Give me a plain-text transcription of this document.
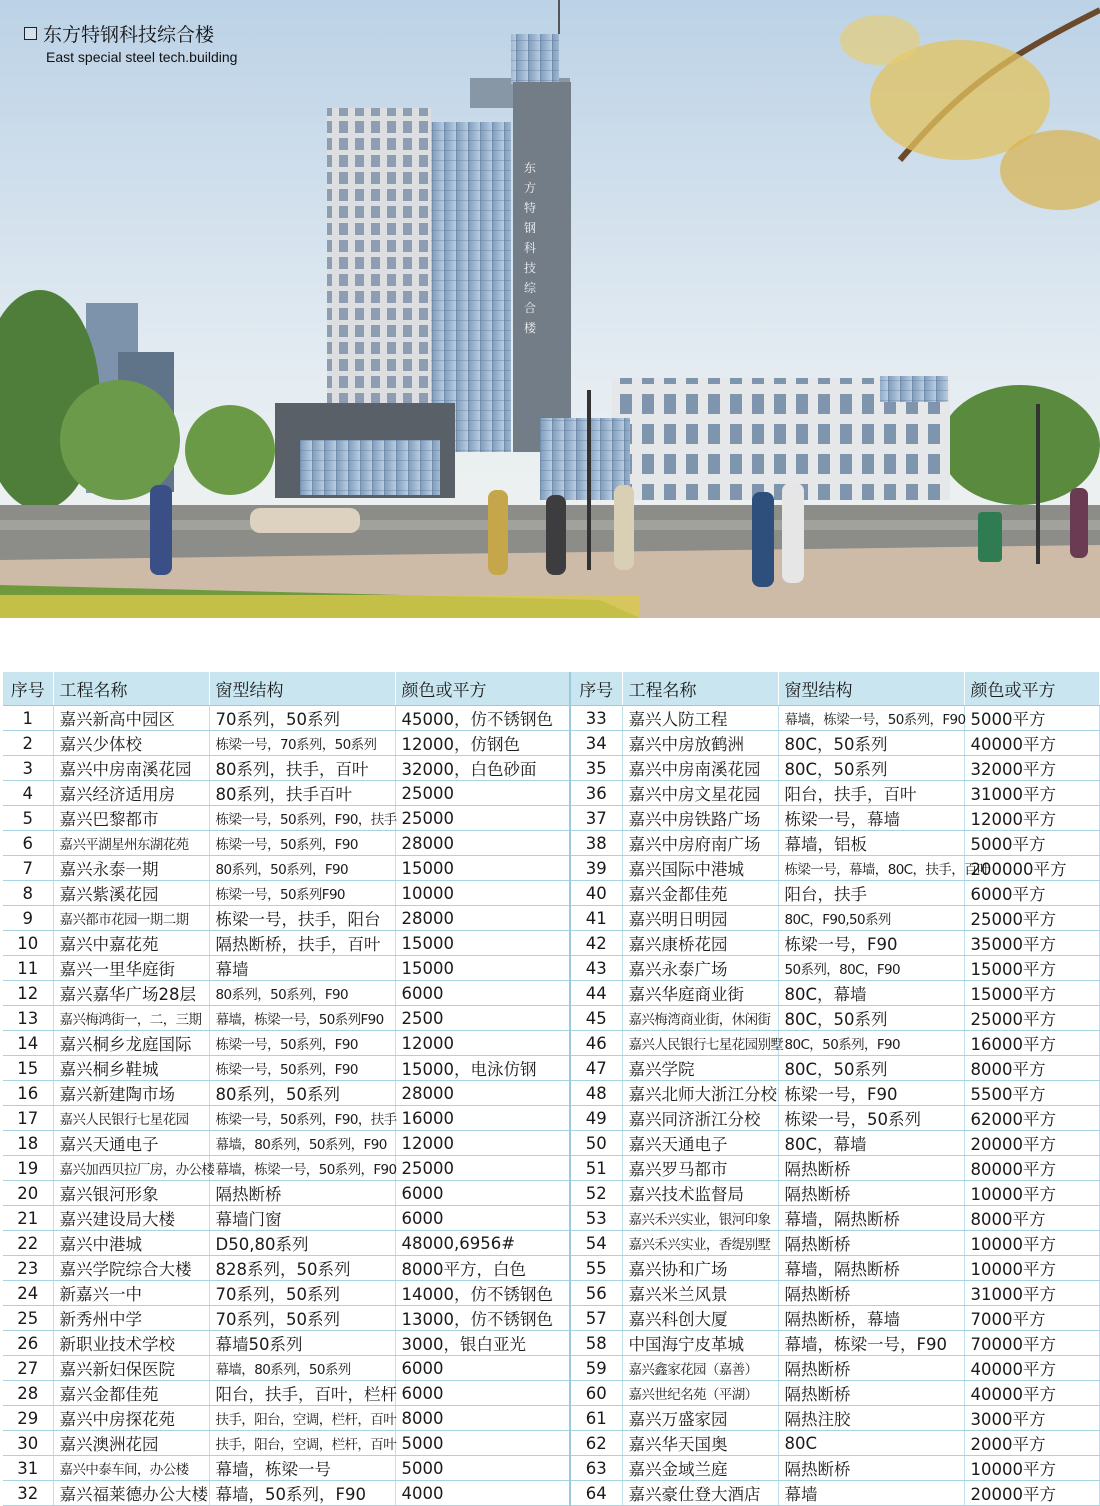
东方特钢科技综合楼
East special steel tech.building
东方特钢科技综合楼
序号	工程名称	窗型结构	颜色或平方	序号	工程名称	窗型结构	颜色或平方
1	嘉兴新高中园区	70系列，50系列	45000，仿不锈钢色	33	嘉兴人防工程	幕墙，栋梁一号，50系列，F90	5000平方
2	嘉兴少体校	栋梁一号，70系列，50系列	12000，仿钢色	34	嘉兴中房放鹤洲	80C，50系列	40000平方
3	嘉兴中房南溪花园	80系列，扶手，百叶	32000，白色砂面	35	嘉兴中房南溪花园	80C，50系列	32000平方
4	嘉兴经济适用房	80系列，扶手百叶	25000	36	嘉兴中房文星花园	阳台，扶手，百叶	31000平方
5	嘉兴巴黎都市	栋梁一号，50系列，F90，扶手	25000	37	嘉兴中房铁路广场	栋梁一号，幕墙	12000平方
6	嘉兴平湖星州东湖花苑	栋梁一号，50系列，F90	28000	38	嘉兴中房府南广场	幕墙，铝板	5000平方
7	嘉兴永泰一期	80系列，50系列，F90	15000	39	嘉兴国际中港城	栋梁一号，幕墙，80C，扶手，百叶	200000平方
8	嘉兴紫溪花园	栋梁一号，50系列F90	10000	40	嘉兴金都佳苑	阳台，扶手	6000平方
9	嘉兴都市花园一期二期	栋梁一号，扶手，阳台	28000	41	嘉兴明日明园	80C，F90,50系列	25000平方
10	嘉兴中嘉花苑	隔热断桥，扶手，百叶	15000	42	嘉兴康桥花园	栋梁一号，F90	35000平方
11	嘉兴一里华庭街	幕墙	15000	43	嘉兴永泰广场	50系列，80C，F90	15000平方
12	嘉兴嘉华广场28层	80系列，50系列，F90	6000	44	嘉兴华庭商业街	80C，幕墙	15000平方
13	嘉兴梅鸿街一，二，三期	幕墙，栋梁一号，50系列F90	2500	45	嘉兴梅湾商业街，休闲街	80C，50系列	25000平方
14	嘉兴桐乡龙庭国际	栋梁一号，50系列，F90	12000	46	嘉兴人民银行七星花园别墅	80C，50系列，F90	16000平方
15	嘉兴桐乡鞋城	栋梁一号，50系列，F90	15000，电泳仿钢	47	嘉兴学院	80C，50系列	8000平方
16	嘉兴新建陶市场	80系列，50系列	28000	48	嘉兴北师大浙江分校	栋梁一号，F90	5500平方
17	嘉兴人民银行七星花园	栋梁一号，50系列，F90，扶手	16000	49	嘉兴同济浙江分校	栋梁一号，50系列	62000平方
18	嘉兴天通电子	幕墙，80系列，50系列，F90	12000	50	嘉兴天通电子	80C，幕墙	20000平方
19	嘉兴加西贝拉厂房，办公楼	幕墙，栋梁一号，50系列，F90	25000	51	嘉兴罗马都市	隔热断桥	80000平方
20	嘉兴银河形象	隔热断桥	6000	52	嘉兴技术监督局	隔热断桥	10000平方
21	嘉兴建设局大楼	幕墙门窗	6000	53	嘉兴禾兴实业，银河印象	幕墙，隔热断桥	8000平方
22	嘉兴中港城	D50,80系列	48000,6956#	54	嘉兴禾兴实业，香缇别墅	隔热断桥	10000平方
23	嘉兴学院综合大楼	828系列，50系列	8000平方，白色	55	嘉兴协和广场	幕墙，隔热断桥	10000平方
24	新嘉兴一中	70系列，50系列	14000，仿不锈钢色	56	嘉兴米兰风景	隔热断桥	31000平方
25	新秀州中学	70系列，50系列	13000，仿不锈钢色	57	嘉兴科创大厦	隔热断桥，幕墙	7000平方
26	新职业技术学校	幕墙50系列	3000，银白亚光	58	中国海宁皮革城	幕墙，栋梁一号，F90	70000平方
27	嘉兴新妇保医院	幕墙，80系列，50系列	6000	59	嘉兴鑫家花园（嘉善）	隔热断桥	40000平方
28	嘉兴金都佳苑	阳台，扶手，百叶，栏杆	6000	60	嘉兴世纪名苑（平湖）	隔热断桥	40000平方
29	嘉兴中房探花苑	扶手，阳台，空调，栏杆，百叶	8000	61	嘉兴万盛家园	隔热注胶	3000平方
30	嘉兴澳洲花园	扶手，阳台，空调，栏杆，百叶	5000	62	嘉兴华天国奥	80C	2000平方
31	嘉兴中泰车间，办公楼	幕墙，栋梁一号	5000	63	嘉兴金域兰庭	隔热断桥	10000平方
32	嘉兴福莱德办公大楼	幕墙，50系列，F90	4000	64	嘉兴豪仕登大酒店	幕墙	20000平方
